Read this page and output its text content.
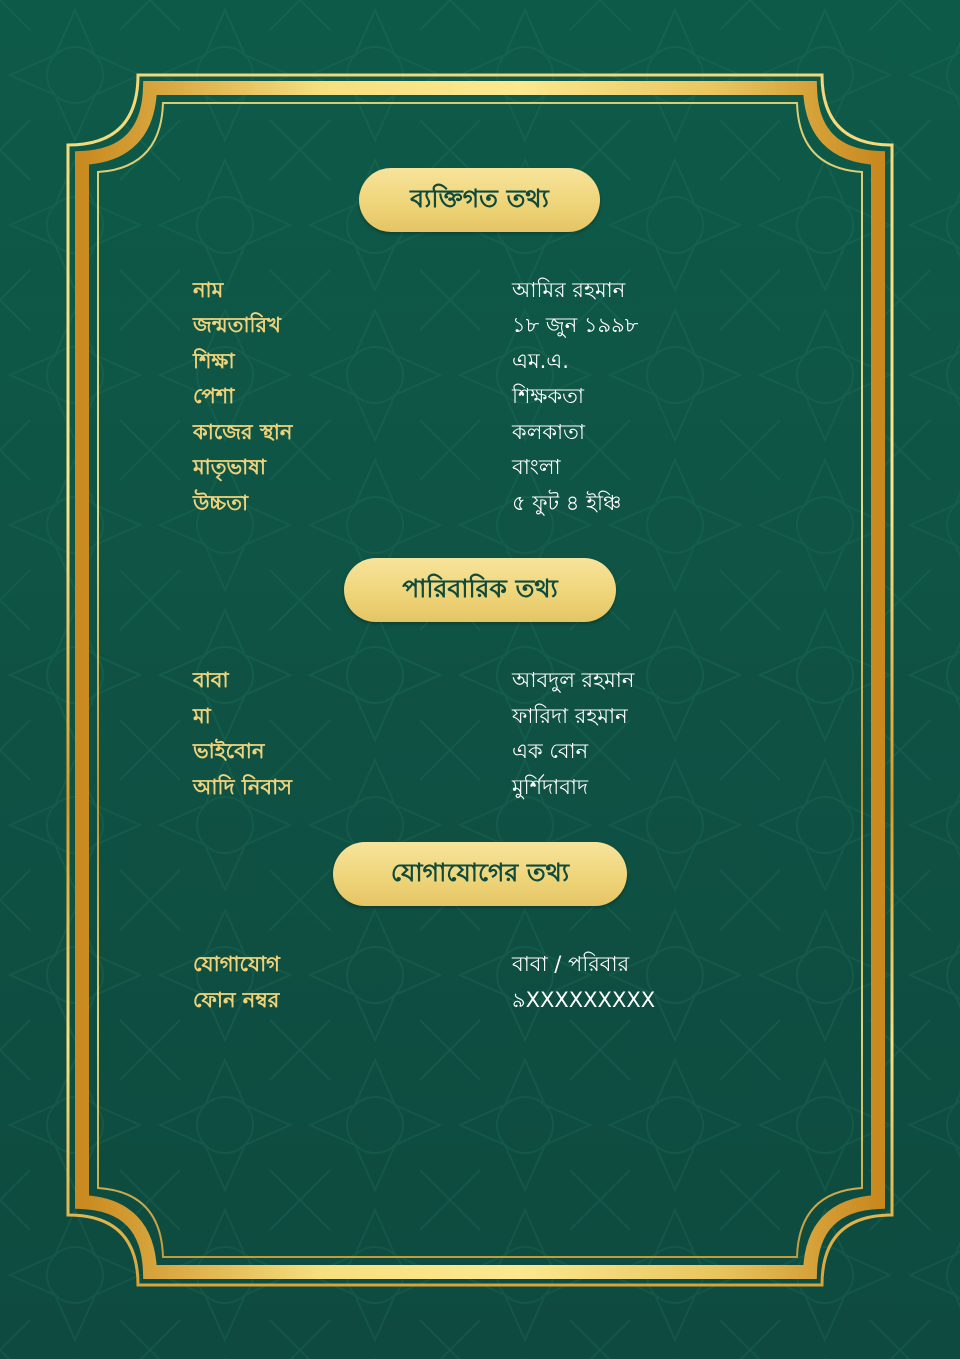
ব্যক্তিগত তথ্য
নাম	আমির রহমান
জন্মতারিখ	১৮ জুন ১৯৯৮
শিক্ষা	এম.এ.
পেশা	শিক্ষকতা
কাজের স্থান	কলকাতা
মাতৃভাষা	বাংলা
উচ্চতা	৫ ফুট ৪ ইঞ্চি
পারিবারিক তথ্য
বাবা	আবদুল রহমান
মা	ফারিদা রহমান
ভাইবোন	এক বোন
আদি নিবাস	মুর্শিদাবাদ
যোগাযোগের তথ্য
যোগাযোগ	বাবা / পরিবার
ফোন নম্বর	৯XXXXXXXXX
